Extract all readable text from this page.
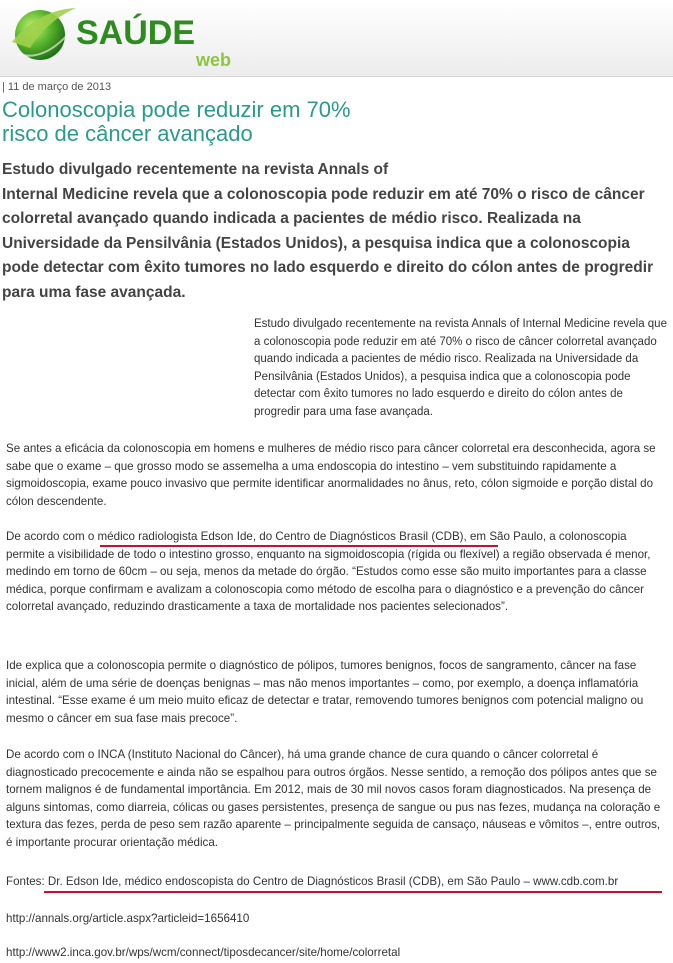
SAÚDE
web
| 11 de março de 2013
Colonoscopia pode reduzir em 70%
risco de câncer avançado

Estudo divulgado recentemente na revista Annals of
Internal Medicine revela que a colonoscopia pode reduzir em até 70% o risco de câncer colorretal avançado quando indicada a pacientes de médio risco. Realizada na Universidade da Pensilvânia (Estados Unidos), a pesquisa indica que a colonoscopia pode detectar com êxito tumores no lado esquerdo e direito do cólon antes de progredir para uma fase avançada.

Estudo divulgado recentemente na revista Annals of Internal Medicine revela que a colonoscopia pode reduzir em até 70% o risco de câncer colorretal avançado quando indicada a pacientes de médio risco. Realizada na Universidade da Pensilvânia (Estados Unidos), a pesquisa indica que a colonoscopia pode detectar com êxito tumores no lado esquerdo e direito do cólon antes de progredir para uma fase avançada.

Se antes a eficácia da colonoscopia em homens e mulheres de médio risco para câncer colorretal era desconhecida, agora se sabe que o exame – que grosso modo se assemelha a uma endoscopia do intestino – vem substituindo rapidamente a sigmoidoscopia, exame pouco invasivo que permite identificar anormalidades no ânus, reto, cólon sigmoide e porção distal do cólon descendente.

De acordo com o médico radiologista Edson Ide, do Centro de Diagnósticos Brasil (CDB), em São Paulo, a colonoscopia permite a visibilidade de todo o intestino grosso, enquanto na sigmoidoscopia (rígida ou flexível) a região observada é menor, medindo em torno de 60cm – ou seja, menos da metade do órgão. “Estudos como esse são muito importantes para a classe médica, porque confirmam e avalizam a colonoscopia como método de escolha para o diagnóstico e a prevenção do câncer colorretal avançado, reduzindo drasticamente a taxa de mortalidade nos pacientes selecionados”.

Ide explica que a colonoscopia permite o diagnóstico de pólipos, tumores benignos, focos de sangramento, câncer na fase inicial, além de uma série de doenças benignas – mas não menos importantes – como, por exemplo, a doença inflamatória intestinal. “Esse exame é um meio muito eficaz de detectar e tratar, removendo tumores benignos com potencial maligno ou mesmo o câncer em sua fase mais precoce”.

De acordo com o INCA (Instituto Nacional do Câncer), há uma grande chance de cura quando o câncer colorretal é diagnosticado precocemente e ainda não se espalhou para outros órgãos. Nesse sentido, a remoção dos pólipos antes que se tornem malignos é de fundamental importância. Em 2012, mais de 30 mil novos casos foram diagnosticados. Na presença de alguns sintomas, como diarreia, cólicas ou gases persistentes, presença de sangue ou pus nas fezes, mudança na coloração e textura das fezes, perda de peso sem razão aparente – principalmente seguida de cansaço, náuseas e vômitos –, entre outros, é importante procurar orientação médica.

Fontes: Dr. Edson Ide, médico endoscopista do Centro de Diagnósticos Brasil (CDB), em São Paulo – www.cdb.com.br

http://annals.org/article.aspx?articleid=1656410

http://www2.inca.gov.br/wps/wcm/connect/tiposdecancer/site/home/colorretal
